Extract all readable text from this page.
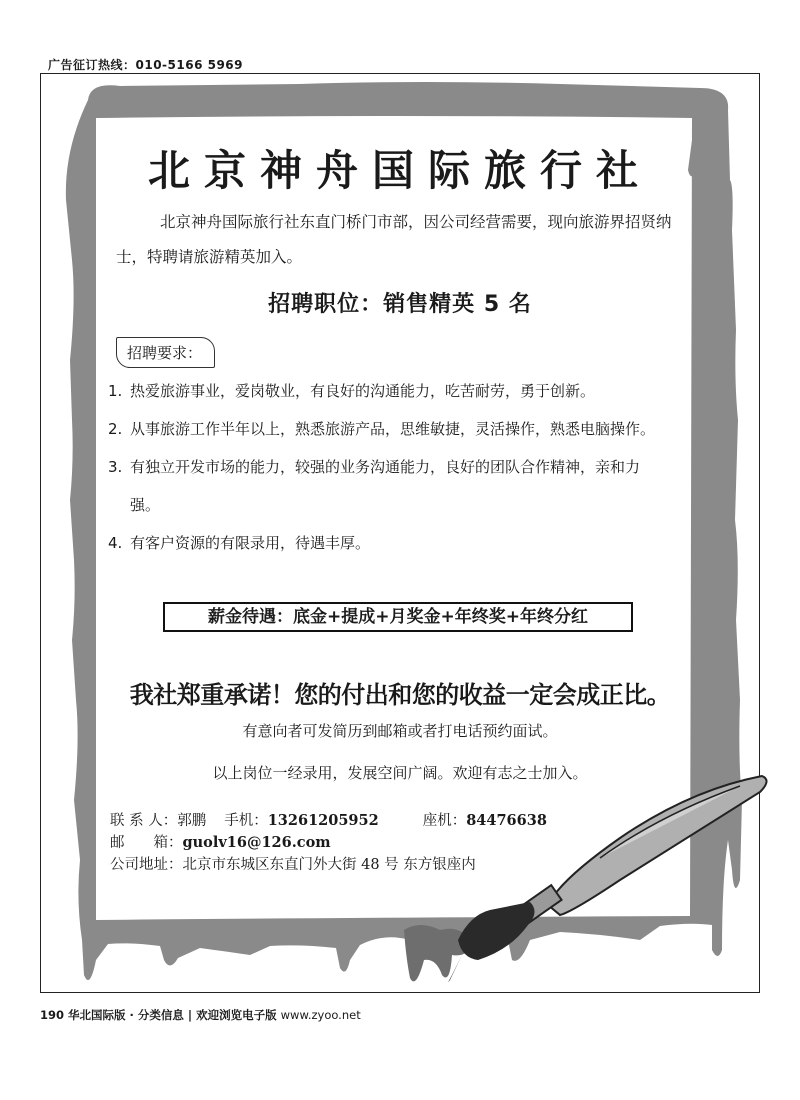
广告征订热线：010-5166 5969
北京神舟国际旅行社
北京神舟国际旅行社东直门桥门市部，因公司经营需要，现向旅游界招贤纳士，特聘请旅游精英加入。
招聘职位：销售精英 5 名
招聘要求：
1. 热爱旅游事业，爱岗敬业，有良好的沟通能力，吃苦耐劳，勇于创新。
2. 从事旅游工作半年以上，熟悉旅游产品，思维敏捷，灵活操作，熟悉电脑操作。
3. 有独立开发市场的能力，较强的业务沟通能力，良好的团队合作精神，亲和力强。
4. 有客户资源的有限录用，待遇丰厚。
薪金待遇：底金+提成+月奖金+年终奖+年终分红
我社郑重承诺！您的付出和您的收益一定会成正比。
有意向者可发简历到邮箱或者打电话预约面试。
以上岗位一经录用，发展空间广阔。欢迎有志之士加入。
联 系 人：郭鹏 手机：13261205952	座机：84476638
邮　　箱：guolv16@126.com
公司地址：北京市东城区东直门外大街 48 号 东方银座内
190 华北国际版 · 分类信息 | 欢迎浏览电子版 www.zyoo.net
